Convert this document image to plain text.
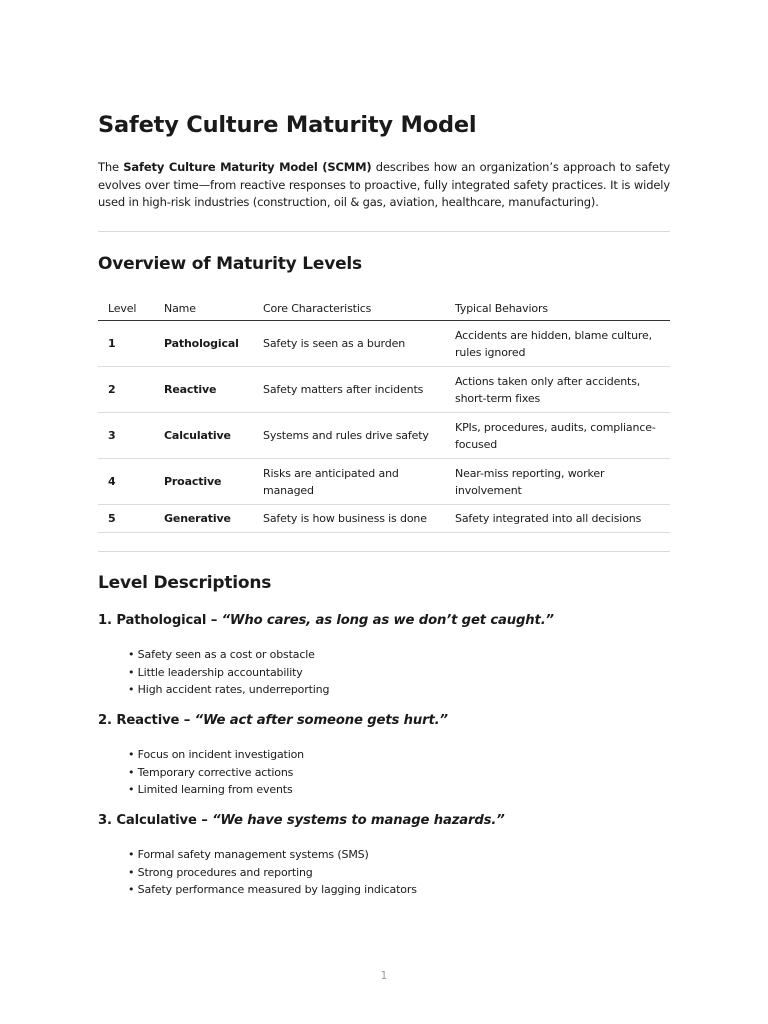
Safety Culture Maturity Model

The Safety Culture Maturity Model (SCMM) describes how an organization’s approach to safety evolves over time—from reactive responses to proactive, fully integrated safety practices. It is widely used in high-risk industries (construction, oil & gas, aviation, healthcare, manufacturing).

Overview of Maturity Levels
Level	Name	Core Characteristics	Typical Behaviors
1	Pathological	Safety is seen as a burden	Accidents are hidden, blame culture, rules ignored
2	Reactive	Safety matters after incidents	Actions taken only after accidents, short-term fixes
3	Calculative	Systems and rules drive safety	KPIs, procedures, audits, compliance-focused
4	Proactive	Risks are anticipated and managed	Near-miss reporting, worker involvement
5	Generative	Safety is how business is done	Safety integrated into all decisions
Level Descriptions
1. Pathological – “Who cares, as long as we don’t get caught.”
• Safety seen as a cost or obstacle
• Little leadership accountability
• High accident rates, underreporting
2. Reactive – “We act after someone gets hurt.”
• Focus on incident investigation
• Temporary corrective actions
• Limited learning from events
3. Calculative – “We have systems to manage hazards.”
• Formal safety management systems (SMS)
• Strong procedures and reporting
• Safety performance measured by lagging indicators
1
